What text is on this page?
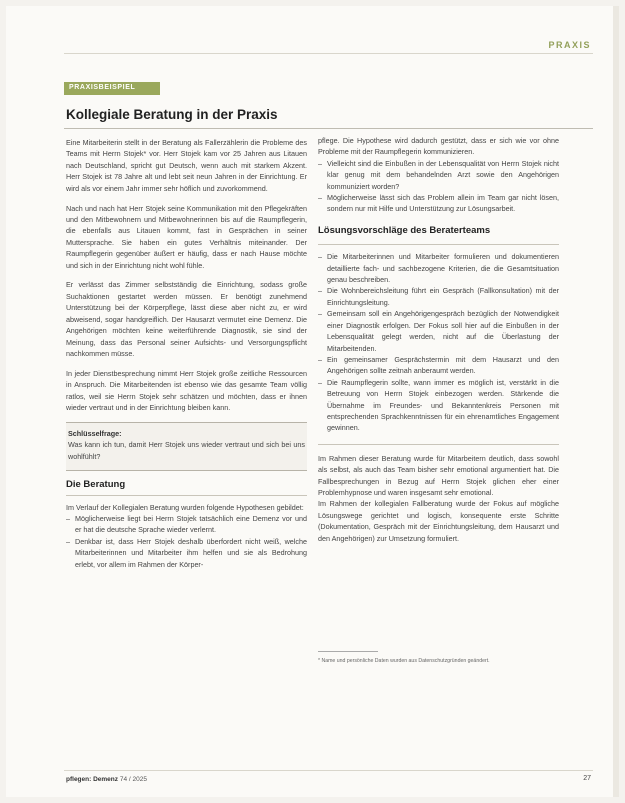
PRAXIS
PRAXISBEISPIEL
Kollegiale Beratung in der Praxis

Eine Mitarbeiterin stellt in der Beratung als Fallerzählerin die Probleme des Teams mit Herrn Stojek* vor. Herr Stojek kam vor 25 Jahren aus Litauen nach Deutschland, spricht gut Deutsch, wenn auch mit starkem Akzent. Herr Stojek ist 78 Jahre alt und lebt seit neun Jahren in der Einrichtung. Er wird als vor einem Jahr immer sehr höflich und zuvorkommend.

Nach und nach hat Herr Stojek seine Kommunikation mit den Pflegekräften und den Mitbewohnern und Mitbewohnerinnen bis auf die Raumpflegerin, die ebenfalls aus Litauen kommt, fast in Gesprächen in seiner Muttersprache. Sie haben ein gutes Verhältnis miteinander. Der Raumpflegerin gegenüber äußert er häufig, dass er nach Hause möchte und sich in der Einrichtung nicht wohl fühle.

Er verlässt das Zimmer selbstständig die Einrichtung, sodass große Suchaktionen gestartet werden müssen. Er benötigt zunehmend Unterstützung bei der Körperpflege, lässt diese aber nicht zu, er wird abweisend, sogar handgreiflich. Der Hausarzt vermutet eine Demenz. Die Angehörigen möchten keine weiterführende Diagnostik, sie sind der Meinung, dass das Personal seiner Aufsichts- und Versorgungspflicht nachkommen müsse.

In jeder Dienstbesprechung nimmt Herr Stojek große zeitliche Ressourcen in Anspruch. Die Mitarbeitenden ist ebenso wie das gesamte Team völlig ratlos, weil sie Herrn Stojek sehr schätzen und möchten, dass er ihnen wieder vertraut und in der Einrichtung bleiben kann.

Schlüsselfrage:
Was kann ich tun, damit Herr Stojek uns wieder vertraut und sich bei uns wohlfühlt?
Die Beratung

Im Verlauf der Kollegialen Beratung wurden folgende Hypothesen gebildet:

– Möglicherweise liegt bei Herrn Stojek tatsächlich eine Demenz vor und er hat die deutsche Sprache wieder verlernt.
– Denkbar ist, dass Herr Stojek deshalb überfordert nicht weiß, welche Mitarbeiterinnen und Mitarbeiter ihm helfen und sie als Bedrohung erlebt, vor allem im Rahmen der Körper-

pflege. Die Hypothese wird dadurch gestützt, dass er sich wie vor ohne Probleme mit der Raumpflegerin kommunizieren.

– Vielleicht sind die Einbußen in der Lebensqualität von Herrn Stojek nicht klar genug mit dem behandelnden Arzt sowie den Angehörigen kommuniziert worden?
– Möglicherweise lässt sich das Problem allein im Team gar nicht lösen, sondern nur mit Hilfe und Unterstützung zur Lösungsarbeit.
Lösungsvorschläge des Beraterteams
– Die Mitarbeiterinnen und Mitarbeiter formulieren und dokumentieren detaillierte fach- und sachbezogene Kriterien, die die Gesamtsituation genau beschreiben.
– Die Wohnbereichsleitung führt ein Gespräch (Fallkonsultation) mit der Einrichtungsleitung.
– Gemeinsam soll ein Angehörigengespräch bezüglich der Notwendigkeit einer Diagnostik erfolgen. Der Fokus soll hier auf die Einbußen in der Lebensqualität gelegt werden, nicht auf die Überlastung der Mitarbeitenden.
– Ein gemeinsamer Gesprächstermin mit dem Hausarzt und den Angehörigen sollte zeitnah anberaumt werden.
– Die Raumpflegerin sollte, wann immer es möglich ist, verstärkt in die Betreuung von Herrn Stojek einbezogen werden. Stärkende die Übernahme im Freundes- und Bekanntenkreis Personen mit entsprechenden Sprachkenntnissen für ein ehrenamtliches Engagement gewinnen.

Im Rahmen dieser Beratung wurde für Mitarbeitern deutlich, dass sowohl als selbst, als auch das Team bisher sehr emotional argumentiert hat. Die Fallbesprechungen in Bezug auf Herrn Stojek glichen eher einer Problemhypnose und waren insgesamt sehr emotional.

Im Rahmen der kollegialen Fallberatung wurde der Fokus auf mögliche Lösungswege gerichtet und logisch, konsequente erste Schritte (Dokumentation, Gespräch mit der Einrichtungsleitung, dem Hausarzt und den Angehörigen) zur Umsetzung formuliert.

* Name und persönliche Daten wurden aus Datenschutzgründen geändert.
pflegen: Demenz 74 / 2025	27
